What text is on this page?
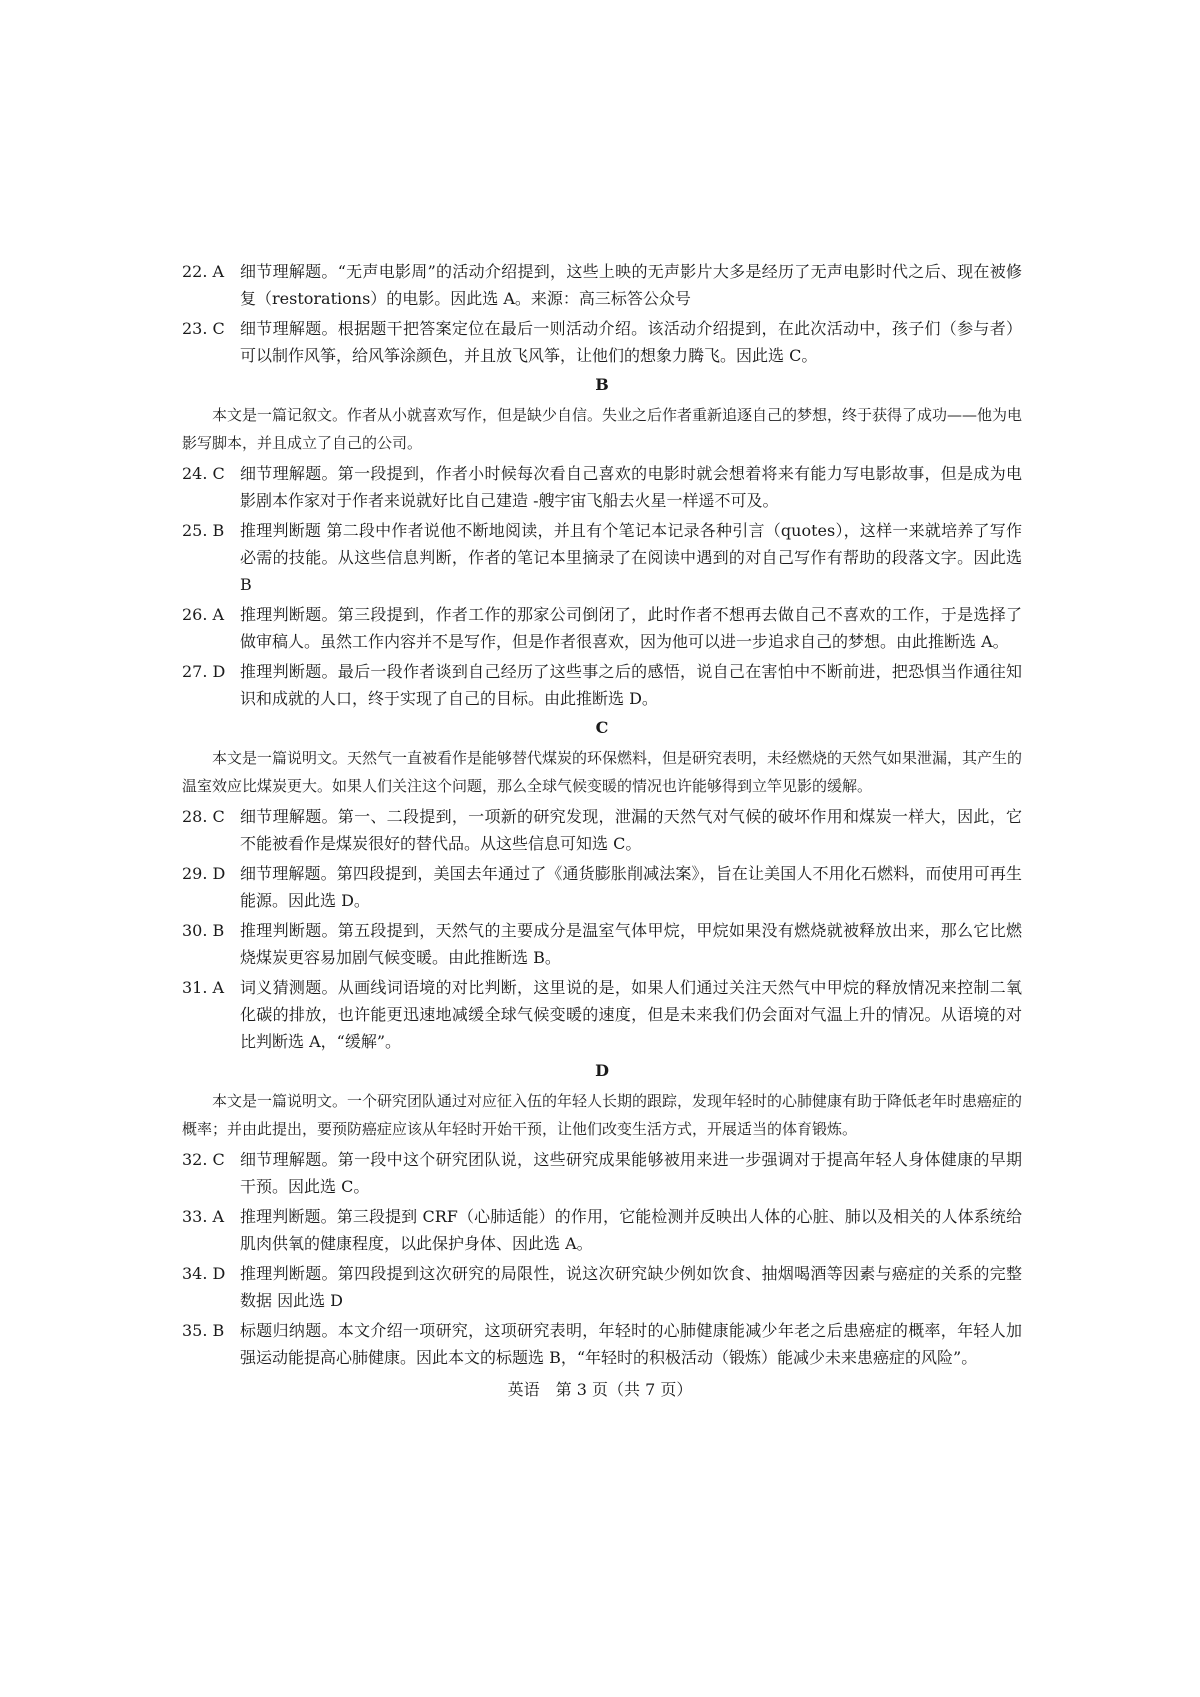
22. A 细节理解题。“无声电影周”的活动介绍提到，这些上映的无声影片大多是经历了无声电影时代之后、现在被修复（restorations）的电影。因此选 A。来源：高三标答公众号
23. C 细节理解题。根据题干把答案定位在最后一则活动介绍。该活动介绍提到，在此次活动中，孩子们（参与者）可以制作风筝，给风筝涂颜色，并且放飞风筝，让他们的想象力腾飞。因此选 C。
B
本文是一篇记叙文。作者从小就喜欢写作，但是缺少自信。失业之后作者重新追逐自己的梦想，终于获得了成功——他为电影写脚本，并且成立了自己的公司。
24. C 细节理解题。第一段提到，作者小时候每次看自己喜欢的电影时就会想着将来有能力写电影故事，但是成为电影剧本作家对于作者来说就好比自己建造 -艘宇宙飞船去火星一样遥不可及。
25. B 推理判断题 第二段中作者说他不断地阅读，并且有个笔记本记录各种引言（quotes），这样一来就培养了写作必需的技能。从这些信息判断，作者的笔记本里摘录了在阅读中遇到的对自己写作有帮助的段落文字。因此选 B
26. A 推理判断题。第三段提到，作者工作的那家公司倒闭了，此时作者不想再去做自己不喜欢的工作，于是选择了做审稿人。虽然工作内容并不是写作，但是作者很喜欢，因为他可以进一步追求自己的梦想。由此推断选 A。
27. D 推理判断题。最后一段作者谈到自己经历了这些事之后的感悟，说自己在害怕中不断前进，把恐惧当作通往知识和成就的人口，终于实现了自己的目标。由此推断选 D。
C
本文是一篇说明文。天然气一直被看作是能够替代煤炭的环保燃料，但是研究表明，未经燃烧的天然气如果泄漏，其产生的温室效应比煤炭更大。如果人们关注这个问题，那么全球气候变暖的情况也许能够得到立竿见影的缓解。
28. C 细节理解题。第一、二段提到，一项新的研究发现，泄漏的天然气对气候的破坏作用和煤炭一样大，因此，它不能被看作是煤炭很好的替代品。从这些信息可知选 C。
29. D 细节理解题。第四段提到，美国去年通过了《通货膨胀削减法案》，旨在让美国人不用化石燃料，而使用可再生能源。因此选 D。
30. B 推理判断题。第五段提到，天然气的主要成分是温室气体甲烷，甲烷如果没有燃烧就被释放出来，那么它比燃烧煤炭更容易加剧气候变暖。由此推断选 B。
31. A 词义猜测题。从画线词语境的对比判断，这里说的是，如果人们通过关注天然气中甲烷的释放情况来控制二氧化碳的排放，也许能更迅速地减缓全球气候变暖的速度，但是未来我们仍会面对气温上升的情况。从语境的对比判断选 A，“缓解”。
D
本文是一篇说明文。一个研究团队通过对应征入伍的年轻人长期的跟踪，发现年轻时的心肺健康有助于降低老年时患癌症的概率；并由此提出，要预防癌症应该从年轻时开始干预，让他们改变生活方式，开展适当的体育锻炼。
32. C 细节理解题。第一段中这个研究团队说，这些研究成果能够被用来进一步强调对于提高年轻人身体健康的早期干预。因此选 C。
33. A 推理判断题。第三段提到 CRF（心肺适能）的作用，它能检测并反映出人体的心脏、肺以及相关的人体系统给肌肉供氧的健康程度，以此保护身体、因此选 A。
34. D 推理判断题。第四段提到这次研究的局限性，说这次研究缺少例如饮食、抽烟喝酒等因素与癌症的关系的完整数据 因此选 D
35. B 标题归纳题。本文介绍一项研究，这项研究表明，年轻时的心肺健康能减少年老之后患癌症的概率，年轻人加强运动能提高心肺健康。因此本文的标题选 B，“年轻时的积极活动（锻炼）能减少未来患癌症的风险”。
英语　第 3 页（共 7 页）
